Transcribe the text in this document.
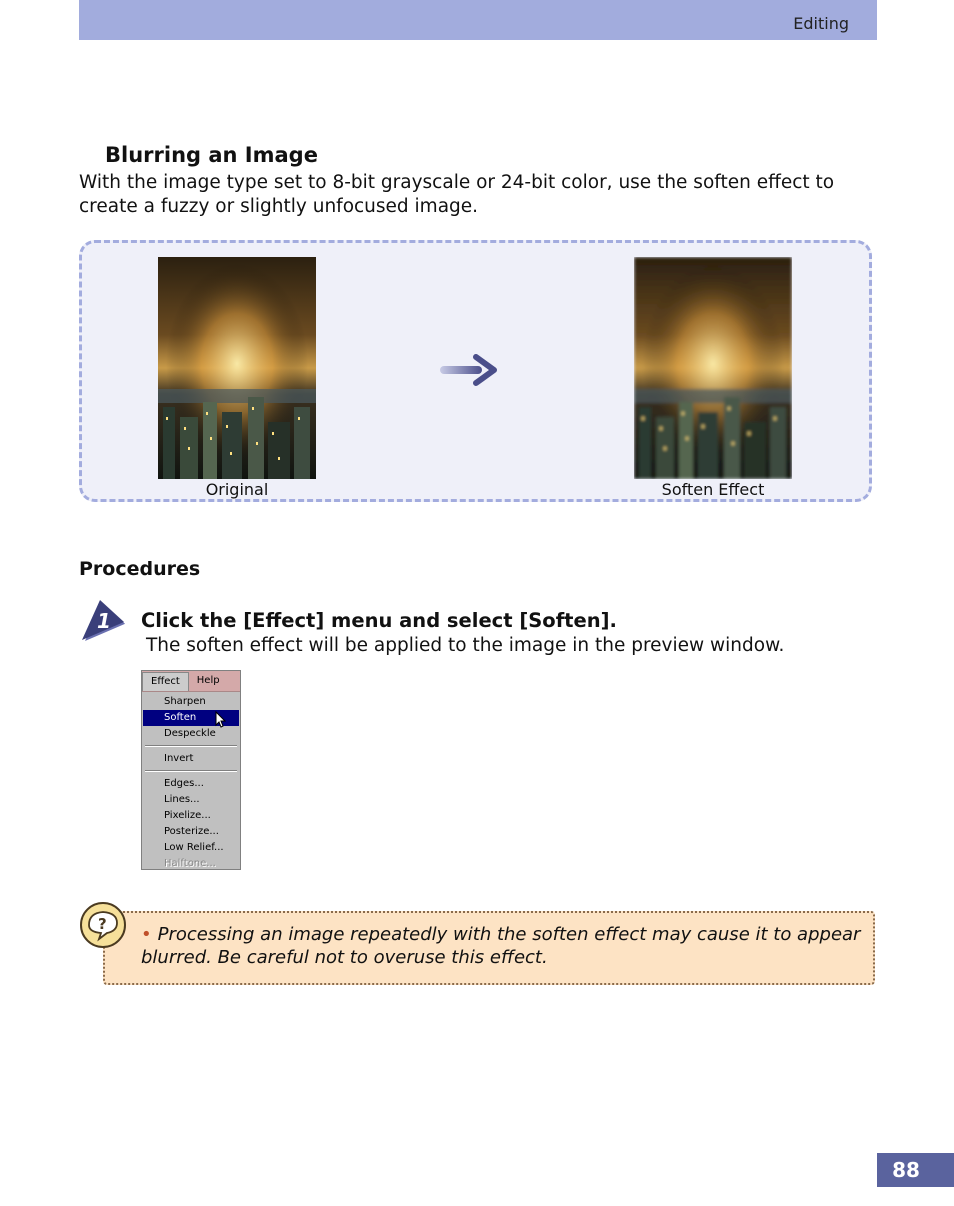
Editing
Blurring an Image
With the image type set to 8-bit grayscale or 24-bit color, use the soften effect to create a fuzzy or slightly unfocused image.
Original	Soften Effect
Procedures
1 Click the [Effect] menu and select [Soften].
The soften effect will be applied to the image in the preview window.
Effect	Help
Sharpen
Soften
Despeckle
Invert
Edges...
Lines...
Pixelize...
Posterize...
Low Relief...
Halftone...
? • Processing an image repeatedly with the soften effect may cause it to appear blurred. Be careful not to overuse this effect.
88
